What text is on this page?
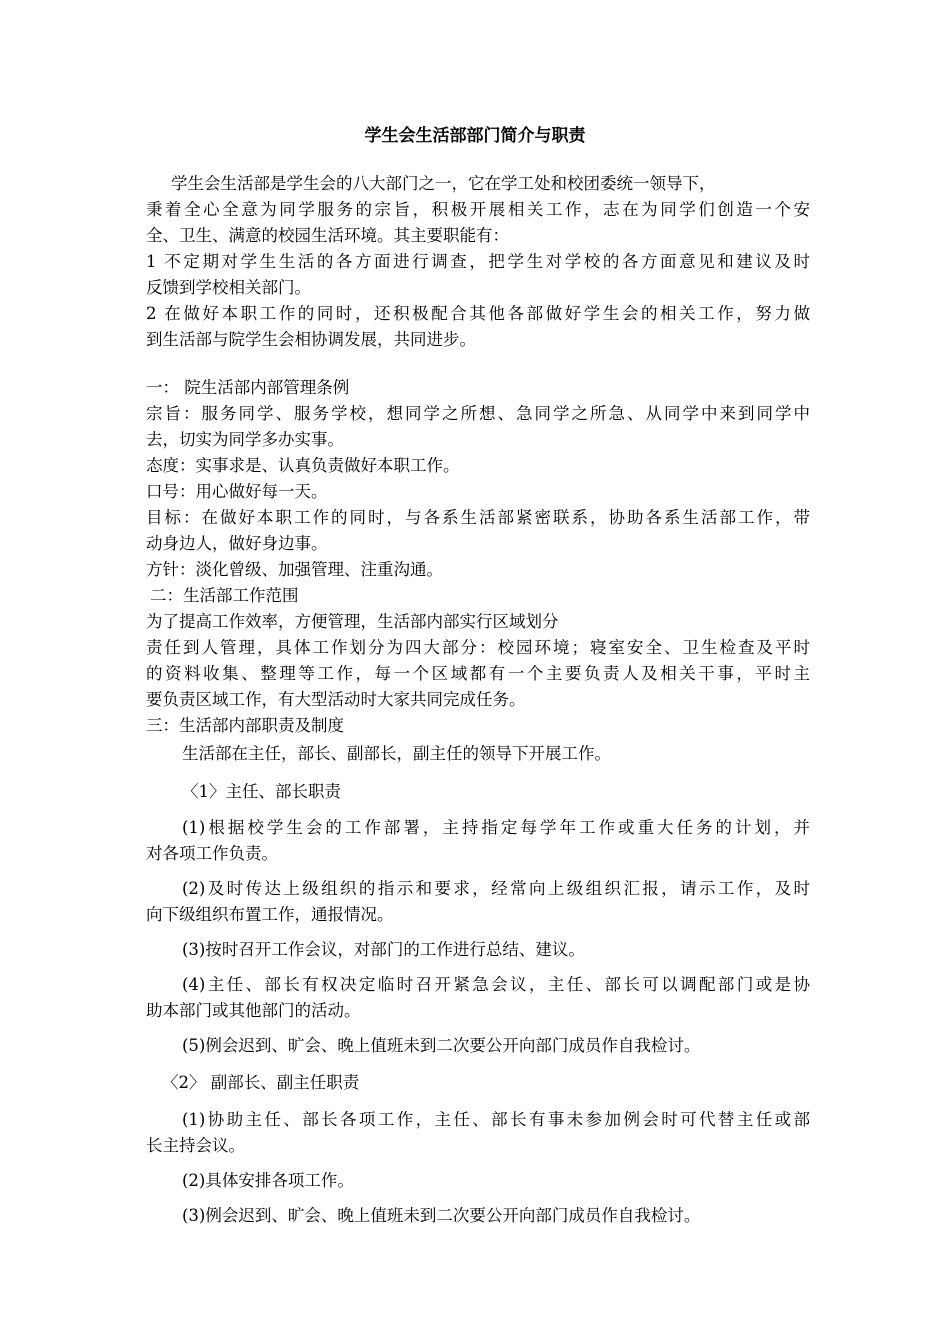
学生会生活部部门简介与职责
学生会生活部是学生会的八大部门之一，它在学工处和校团委统一领导下，
秉着全心全意为同学服务的宗旨，积极开展相关工作，志在为同学们创造一个安
全、卫生、满意的校园生活环境。其主要职能有：
1 不定期对学生生活的各方面进行调查，把学生对学校的各方面意见和建议及时
反馈到学校相关部门。
2 在做好本职工作的同时，还积极配合其他各部做好学生会的相关工作，努力做
到生活部与院学生会相协调发展，共同进步。
一： 院生活部内部管理条例
宗旨：服务同学、服务学校，想同学之所想、急同学之所急、从同学中来到同学中
去，切实为同学多办实事。
态度：实事求是、认真负责做好本职工作。
口号：用心做好每一天。
目标：在做好本职工作的同时，与各系生活部紧密联系，协助各系生活部工作，带
动身边人，做好身边事。
方针：淡化曾级、加强管理、注重沟通。
二：生活部工作范围
为了提高工作效率，方便管理，生活部内部实行区域划分
责任到人管理，具体工作划分为四大部分：校园环境；寝室安全、卫生检查及平时
的资料收集、整理等工作，每一个区域都有一个主要负责人及相关干事，平时主
要负责区域工作，有大型活动时大家共同完成任务。
三：生活部内部职责及制度
生活部在主任，部长、副部长，副主任的领导下开展工作。
〈1〉主任、部长职责
(1)根据校学生会的工作部署，主持指定每学年工作或重大任务的计划，并
对各项工作负责。
(2)及时传达上级组织的指示和要求，经常向上级组织汇报，请示工作，及时
向下级组织布置工作，通报情况。
(3)按时召开工作会议，对部门的工作进行总结、建议。
(4)主任、部长有权决定临时召开紧急会议，主任、部长可以调配部门或是协
助本部门或其他部门的活动。
(5)例会迟到、旷会、晚上值班未到二次要公开向部门成员作自我检讨。
〈2〉 副部长、副主任职责
(1)协助主任、部长各项工作，主任、部长有事未参加例会时可代替主任或部
长主持会议。
(2)具体安排各项工作。
(3)例会迟到、旷会、晚上值班未到二次要公开向部门成员作自我检讨。
